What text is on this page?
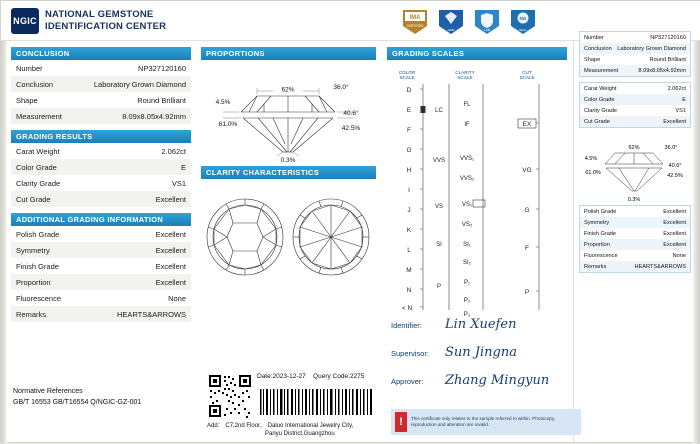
NGIC
NATIONAL GEMSTONE
IDENTIFICATION CENTER
IMA
CERTIFIED
GEM	LAB
NG
SEAL
CONCLUSION
Number	NP327120160
Conclusion	Laboratory Grown Diamond
Shape	Round Brilliant
Measurement	8.09x8.05x4.92mm
GRADING RESULTS
Carat Weight	2.062ct
Color Grade	E
Clarity Grade	VS1
Cut Grade	Excellent
ADDITIONAL GRADING INFORMATION
Polish Grade	Excellent
Symmetry	Excellent
Finish Grade	Excellent
Proportion	Excellent
Fluorescence	None
Remarks	HEARTS&ARROWS
Normative References
GB/T 16553 GB/T16554 Q/NGIC-GZ-001
PROPORTIONS
62%	36.0°
4.5%
40.6°
61.0%
42.5%
0.3%
CLARITY CHARACTERISTICS
GRADING SCALES
COLOR
SCALE
CLARITY
SCALE
CUT
SCALE
D
E
F
G
H
I
J
K
L
M
N
< N
LC
VVS
VS
SI
P
FL
IF
VVS₁
VVS₂
VS₁
VS₂
SI₁
SI₂
P₁
P₂
P₃
EX
VG
G
F
P
Identifier:	Lin Xuefen
Supervisor:	Sun Jingna
Approver:	Zhang Mingyun
!	This certificate only relates to the sample referred to within. Photocopy, reproduction and alteration are invalid.

Date:2023-12-27 Query Code:2275
Add： C7,2nd Floor， Daluo International Jewelry City,
Panyu District,Guangzhou
Number	NP327120160
Conclusion Laboratory Grown Diamond
Shape	Round Brilliant
Measurement	8.09x8.05x4.92mm
Carat Weight	2.062ct
Color Grade	E
Clarity Grade	VS1
Cut Grade	Excellent
62%	36.0°
4.5%
40.6°
61.0%	42.5%
0.3%
Polish Grade	Excellent
Symmetry	Excellent
Finish Grade	Excellent
Proportion	Excellent
Fluorescence	None
Remarks	HEARTS&ARROWS
